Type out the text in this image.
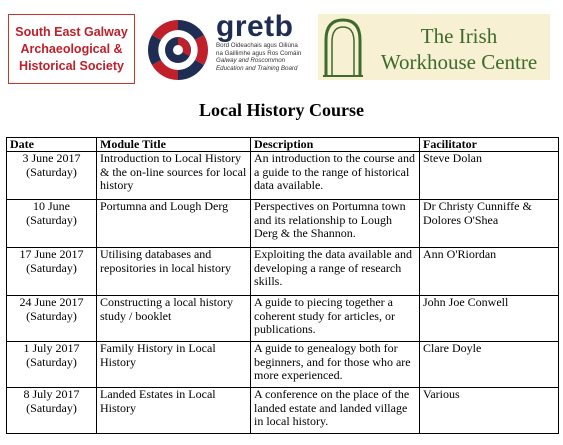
South East Galway
Archaeological &
Historical Society
gretb
Bord Oideachais agus Oiliúna
na Gaillimhe agus Ros Comáin
Galway and Roscommon
Education and Training Board
The Irish
Workhouse Centre
Local History Course
Date	Module Title	Description	Facilitator

3 June 2017
(Saturday)	Introduction to Local History & the on-line sources for local history	An introduction to the course and a guide to the range of historical data available.	Steve Dolan

10 June
(Saturday)	Portumna and Lough Derg	Perspectives on Portumna town and its relationship to Lough Derg & the Shannon.	Dr Christy Cunniffe & Dolores O'Shea

17 June 2017
(Saturday)	Utilising databases and repositories in local history	Exploiting the data available and developing a range of research skills.	Ann O'Riordan

24 June 2017
(Saturday)	Constructing a local history study / booklet	A guide to piecing together a coherent study for articles, or publications.	John Joe Conwell

1 July 2017
(Saturday)	Family History in Local History	A guide to genealogy both for beginners, and for those who are more experienced.	Clare Doyle

8 July 2017
(Saturday)	Landed Estates in Local History	A conference on the place of the landed estate and landed village in local history.	Various
